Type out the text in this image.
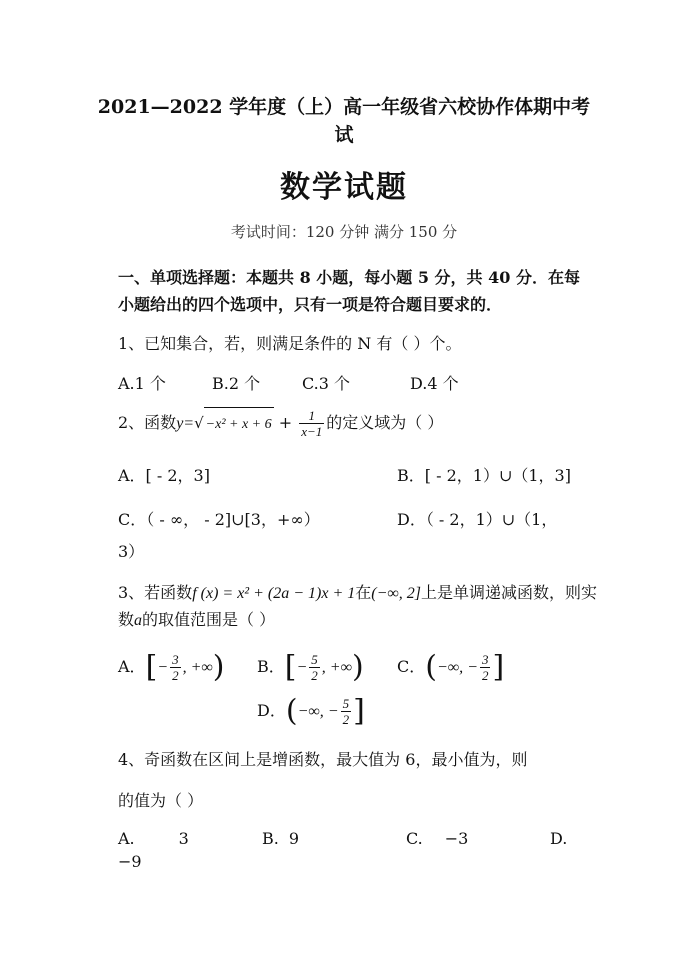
2021—2022 学年度（上）高一年级省六校协作体期中考
试
数学试题
考试时间：120 分钟 满分 150 分
一、单项选择题：本题共 8 小题，每小题 5 分，共 40 分．在每
小题给出的四个选项中，只有一项是符合题目要求的．
1、已知集合，若，则满足条件的 N 有（ ）个。
A.1 个	B.2 个	C.3 个	D.4 个
2、函数$y=√ -x^2 + x + 6 + \frac{1}{x-1}$ 的定义域为（ ）
A．[ - 2，3]	B．[ - 2，1）∪（1，3]
C．（ - ∞， - 2]∪[3，+∞）	D．（ - 2，1）∪（1，
3）
3、若函数f (x) = x² + (2a − 1)x + 1在(−∞, 2]上是单调递减函数，则实
数a的取值范围是（ ）
A．[− $\frac{3}{2}$ , +∞) B．[− $\frac{5}{2}$ , +∞) C．(−∞, − $\frac{3}{2}$ ]
D．(−∞, − $\frac{5}{2}$ ]
4、奇函数在区间上是增函数，最大值为 6，最小值为，则
的值为（ ）
A.	3	B. 9	C. −3	D.
−9
